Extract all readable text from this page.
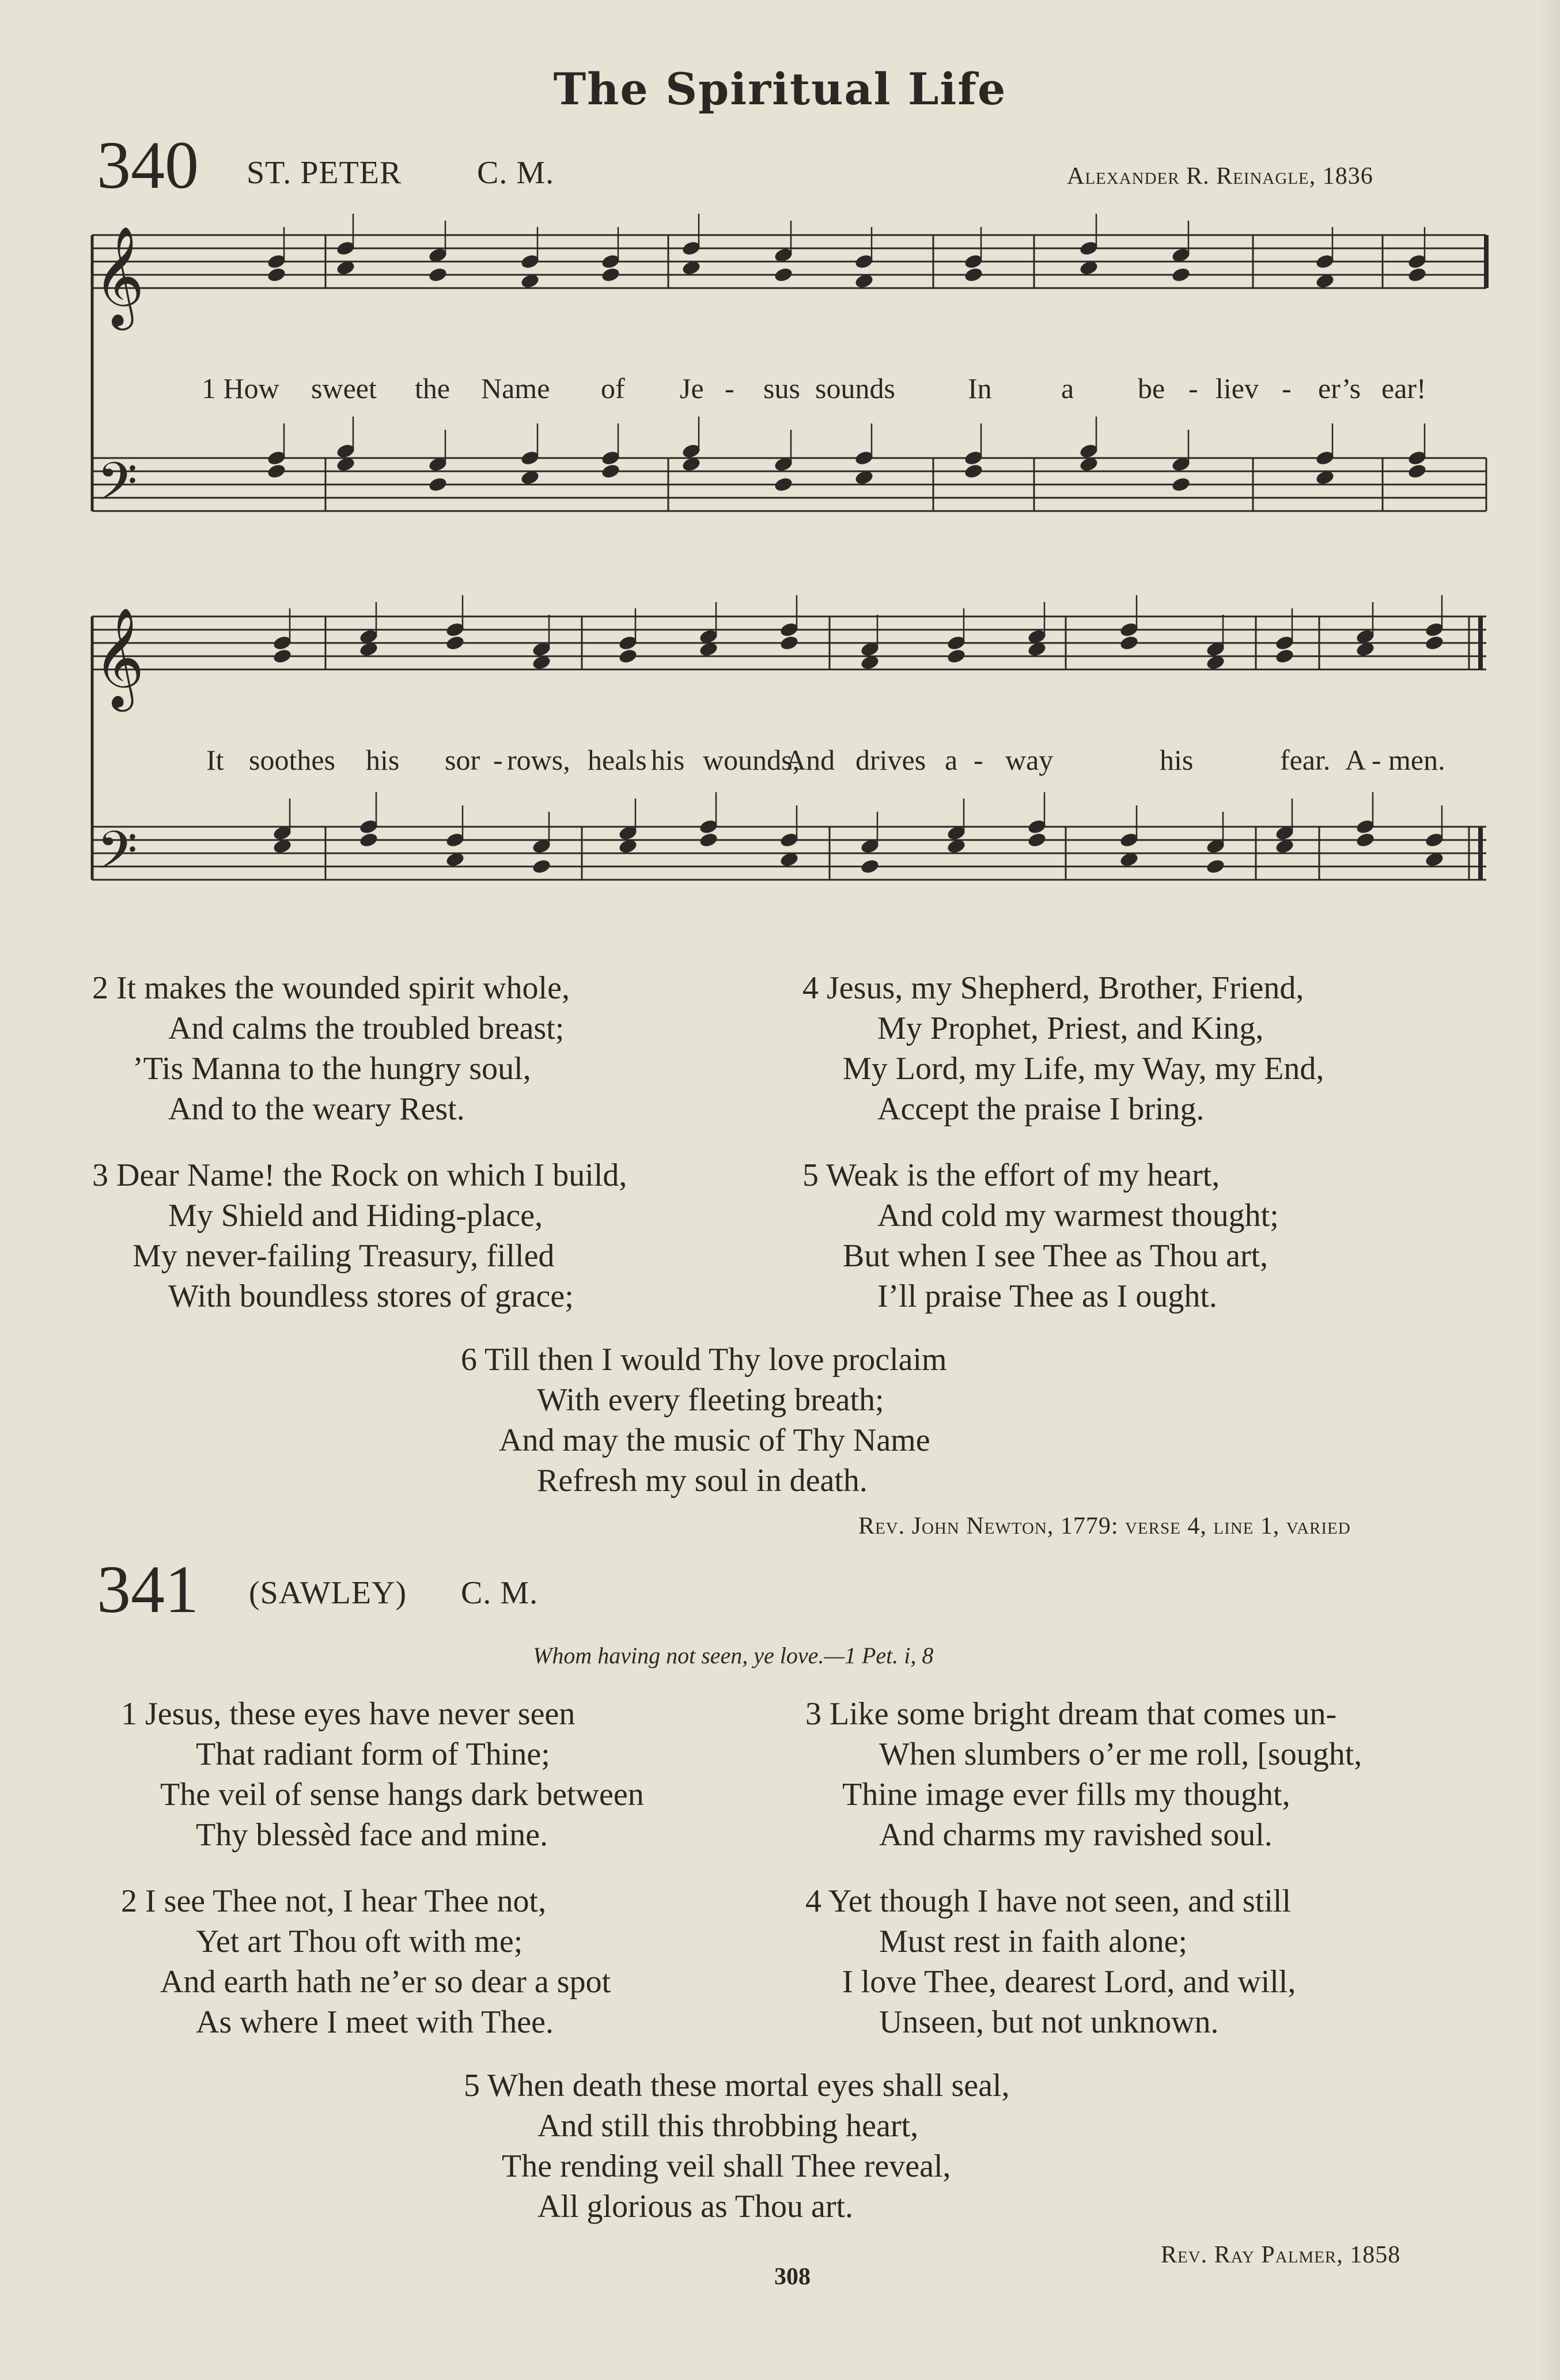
The Spiritual Life
340 ST. PETER C. M.	Alexander R. Reinagle, 1836
𝄞
𝄢
𝄞
𝄢
1 How sweet the Name of Je - sus sounds	In a be - liev - er’s ear!
It soothes his sor - rows, heals his wounds,
And drives a - way	his	fear. A - men.
2 It makes the wounded spirit whole,
And calms the troubled breast;
’Tis Manna to the hungry soul,
And to the weary Rest.
3 Dear Name! the Rock on which I build,
My Shield and Hiding-place,
My never-failing Treasury, filled
With boundless stores of grace;
4 Jesus, my Shepherd, Brother, Friend,
My Prophet, Priest, and King,
My Lord, my Life, my Way, my End,
Accept the praise I bring.
5 Weak is the effort of my heart,
And cold my warmest thought;
But when I see Thee as Thou art,
I’ll praise Thee as I ought.
6 Till then I would Thy love proclaim
With every fleeting breath;
And may the music of Thy Name
Refresh my soul in death.
Rev. John Newton, 1779: verse 4, line 1, varied
341 (SAWLEY) C. M.
Whom having not seen, ye love.—1 Pet. i, 8
1 Jesus, these eyes have never seen
That radiant form of Thine;
The veil of sense hangs dark between
Thy blessèd face and mine.
2 I see Thee not, I hear Thee not,
Yet art Thou oft with me;
And earth hath ne’er so dear a spot
As where I meet with Thee.
3 Like some bright dream that comes un-
When slumbers o’er me roll, [sought,
Thine image ever fills my thought,
And charms my ravished soul.
4 Yet though I have not seen, and still
Must rest in faith alone;
I love Thee, dearest Lord, and will,
Unseen, but not unknown.
5 When death these mortal eyes shall seal,
And still this throbbing heart,
The rending veil shall Thee reveal,
All glorious as Thou art.
Rev. Ray Palmer, 1858
308
